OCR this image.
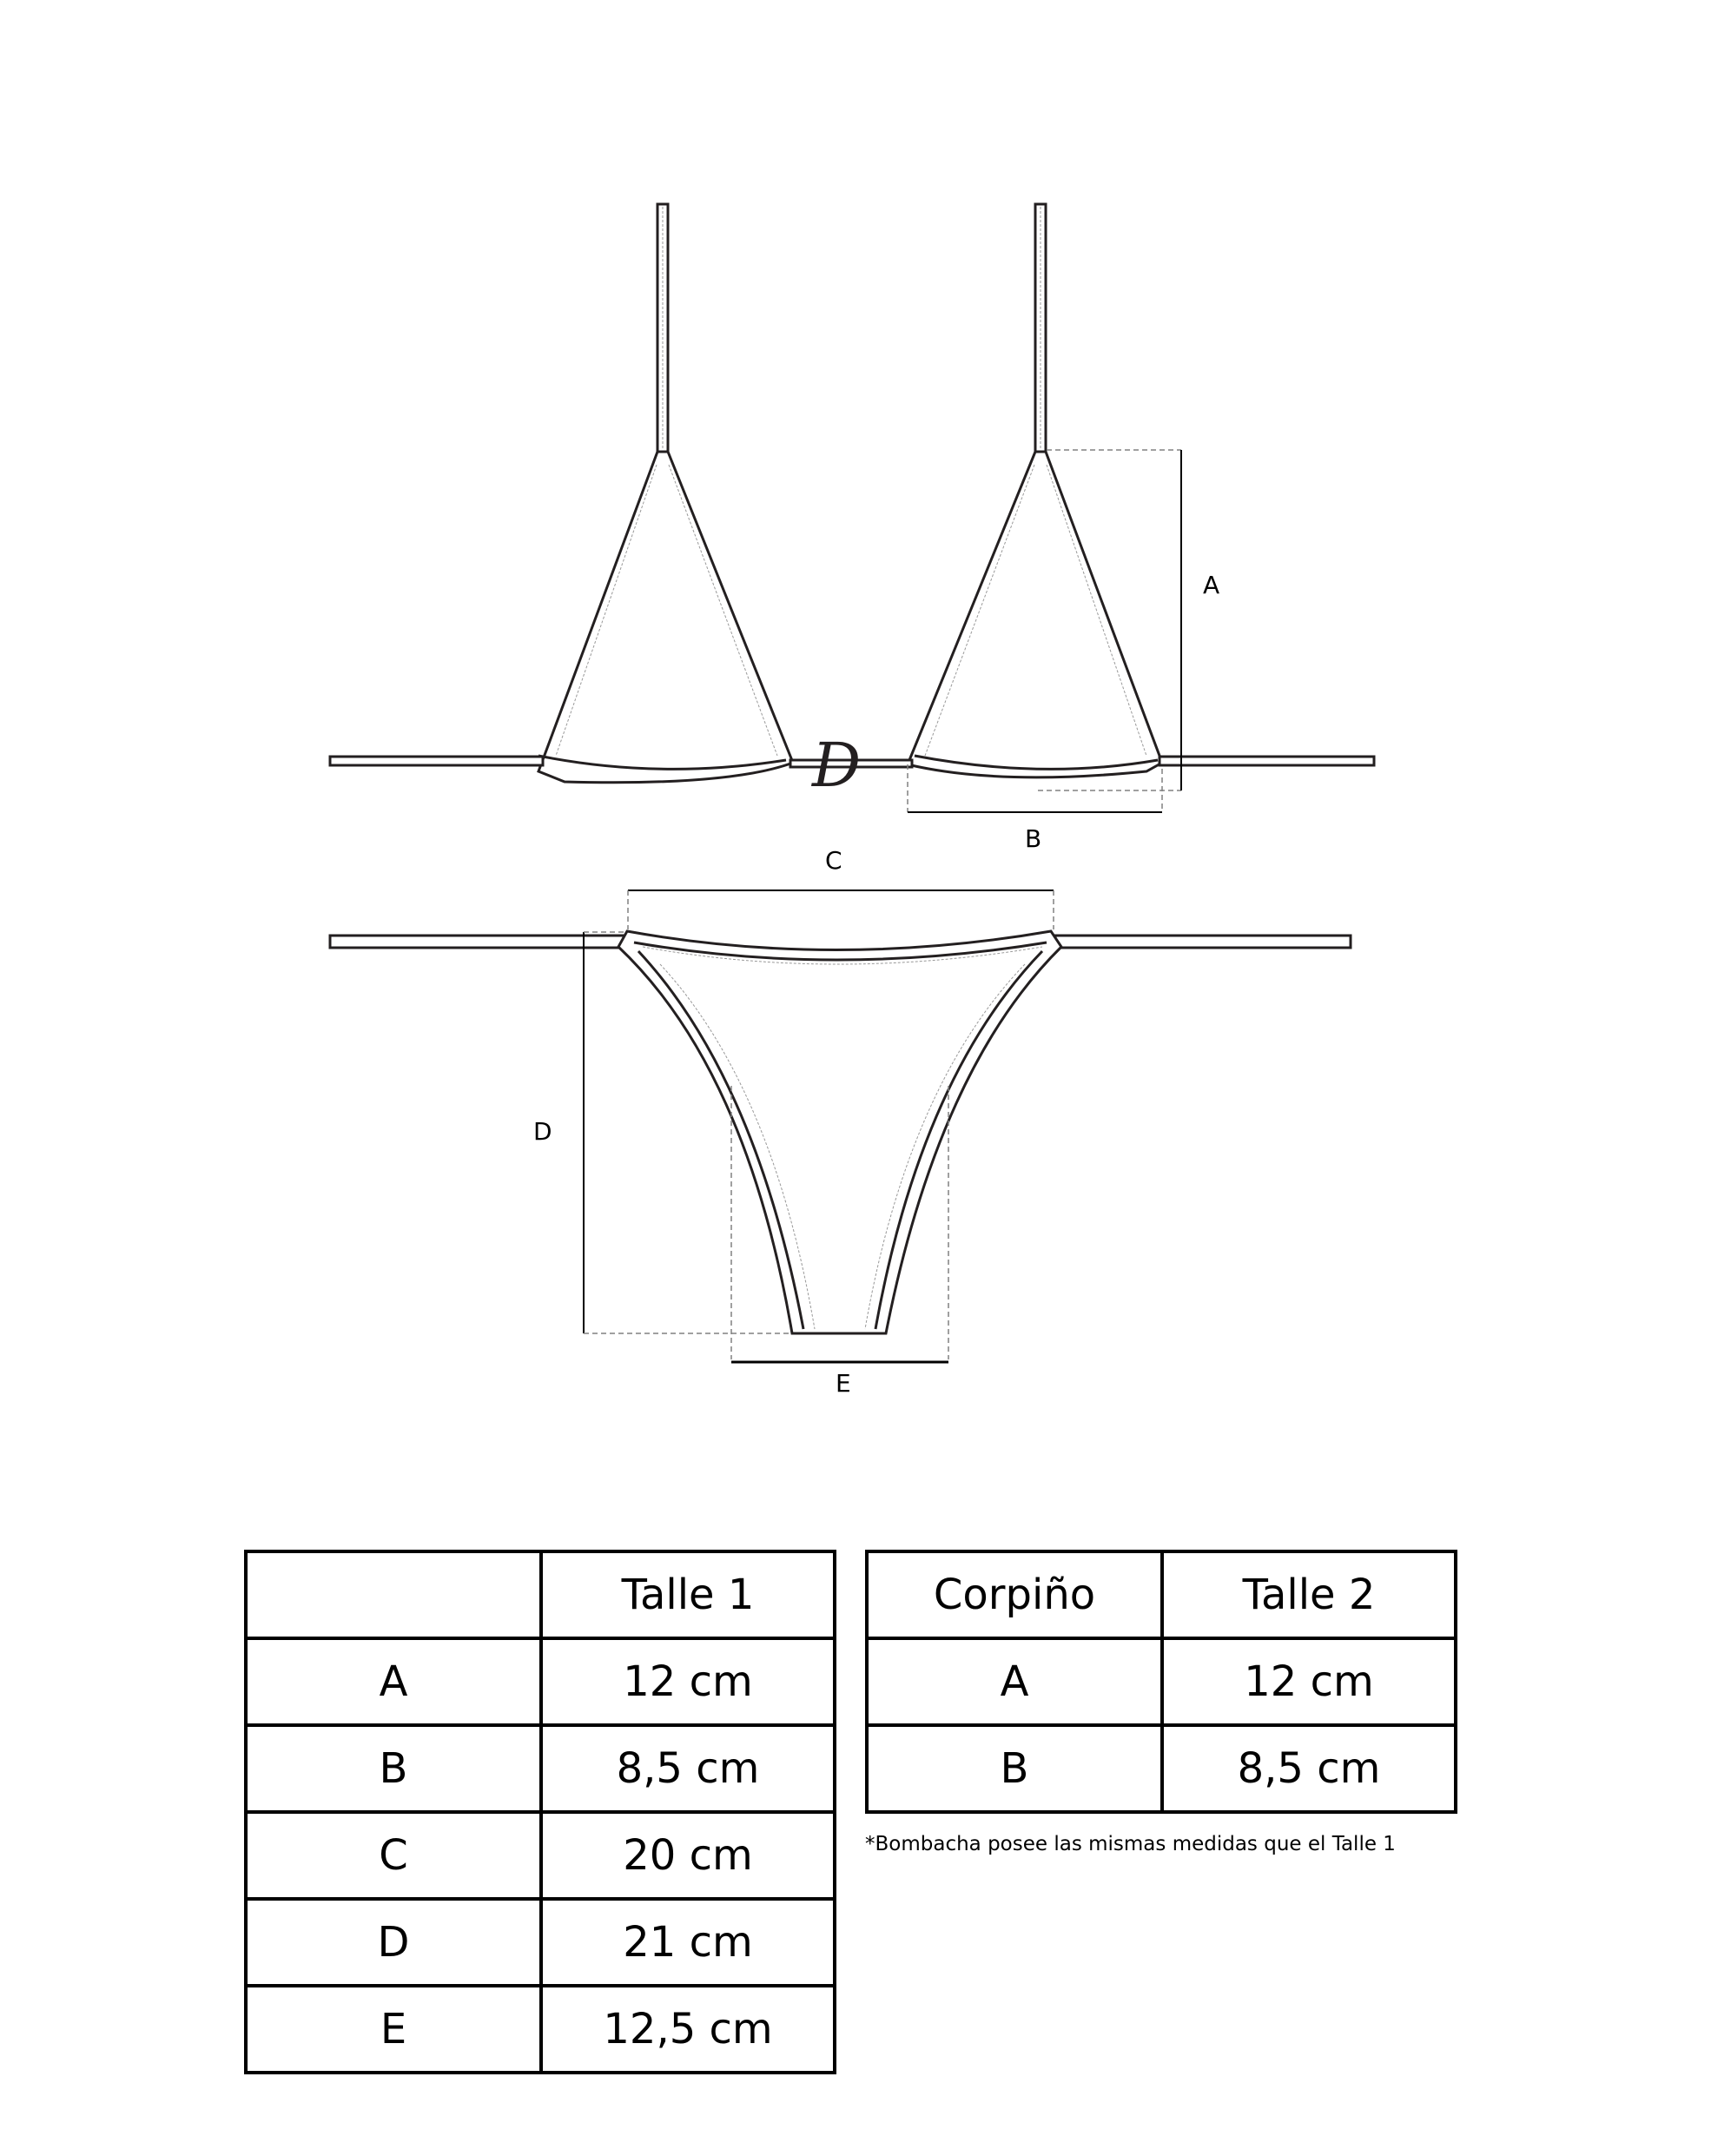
D
A
B
C
D
E
	Talle 1
A	12 cm
B	8,5 cm
C	20 cm
D	21 cm
E	12,5 cm
Corpiño	Talle 2
A	12 cm
B	8,5 cm
*Bombacha posee las mismas medidas que el Talle 1
